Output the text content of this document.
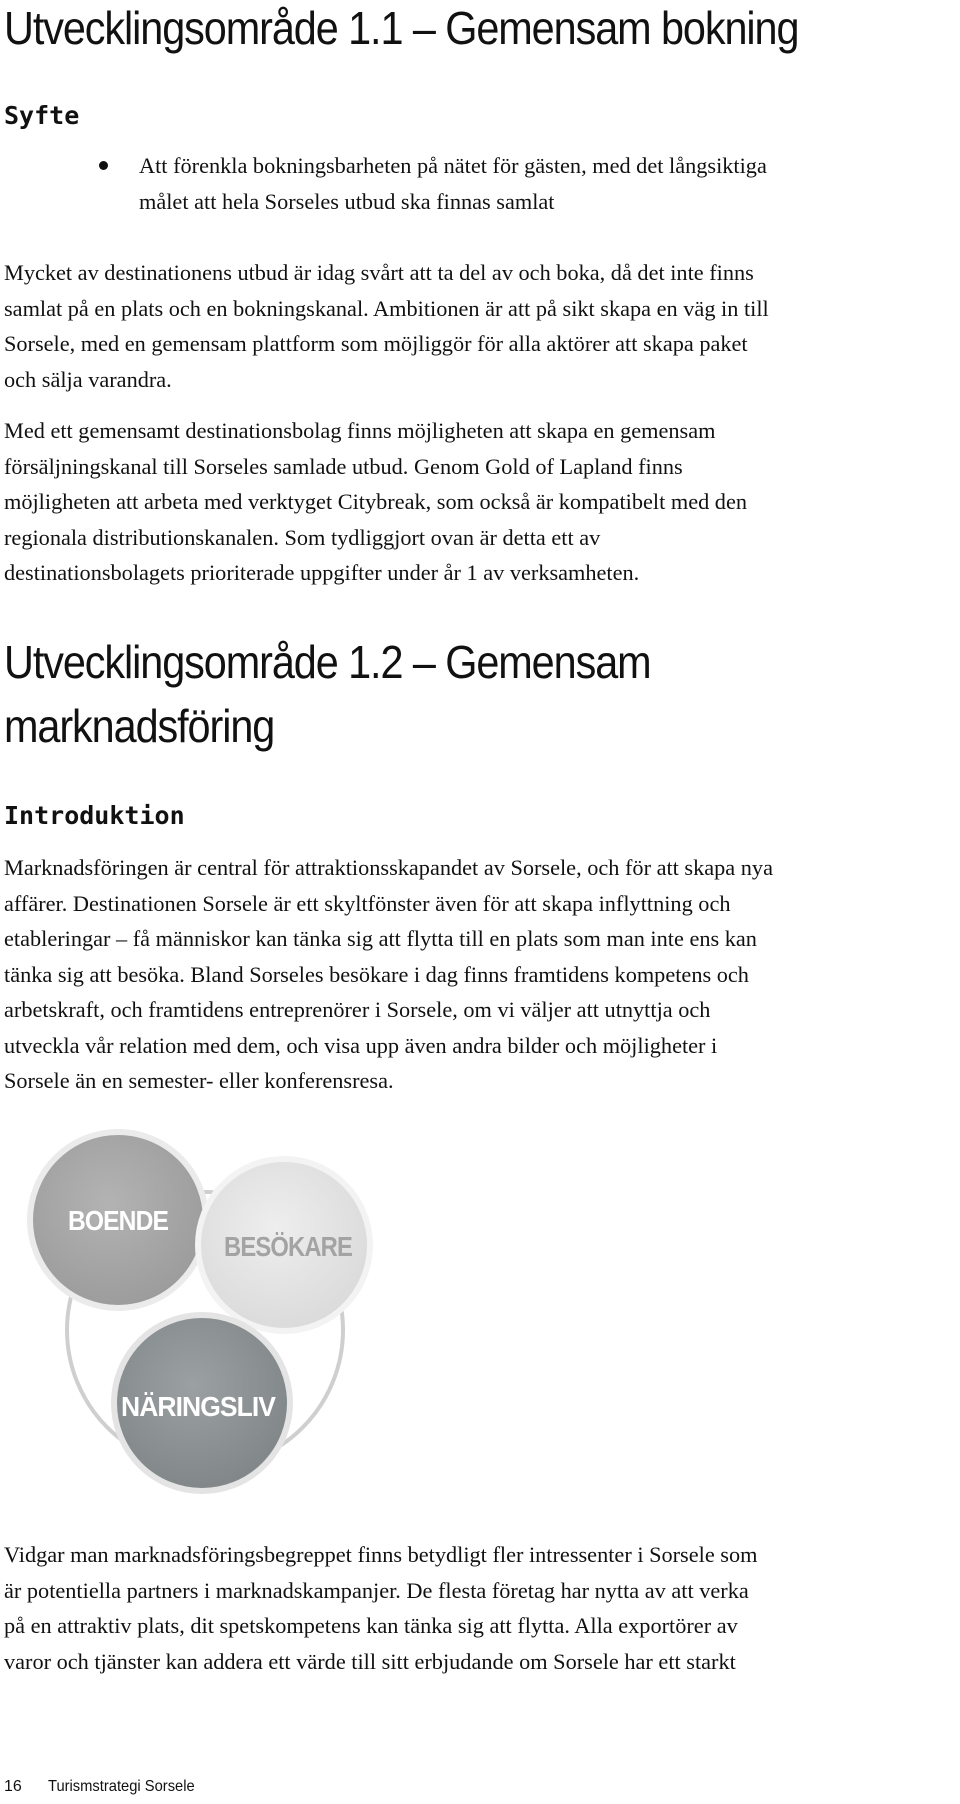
Utvecklingsområde 1.1 – Gemensam bokning
Syfte
Att förenkla bokningsbarheten på nätet för gästen, med det långsiktiga
målet att hela Sorseles utbud ska finnas samlat

Mycket av destinationens utbud är idag svårt att ta del av och boka, då det inte finns
samlat på en plats och en bokningskanal. Ambitionen är att på sikt skapa en väg in till
Sorsele, med en gemensam plattform som möjliggör för alla aktörer att skapa paket
och sälja varandra.

Med ett gemensamt destinationsbolag finns möjligheten att skapa en gemensam
försäljningskanal till Sorseles samlade utbud. Genom Gold of Lapland finns
möjligheten att arbeta med verktyget Citybreak, som också är kompatibelt med den
regionala distributionskanalen. Som tydliggjort ovan är detta ett av
destinationsbolagets prioriterade uppgifter under år 1 av verksamheten.

Utvecklingsområde 1.2 – Gemensam
marknadsföring
Introduktion

Marknadsföringen är central för attraktionsskapandet av Sorsele, och för att skapa nya
affärer. Destinationen Sorsele är ett skyltfönster även för att skapa inflyttning och
etableringar – få människor kan tänka sig att flytta till en plats som man inte ens kan
tänka sig att besöka. Bland Sorseles besökare i dag finns framtidens kompetens och
arbetskraft, och framtidens entreprenörer i Sorsele, om vi väljer att utnyttja och
utveckla vår relation med dem, och visa upp även andra bilder och möjligheter i
Sorsele än en semester- eller konferensresa.

BOENDE
BESÖKARE
NÄRINGSLIV

Vidgar man marknadsföringsbegreppet finns betydligt fler intressenter i Sorsele som
är potentiella partners i marknadskampanjer. De flesta företag har nytta av att verka
på en attraktiv plats, dit spetskompetens kan tänka sig att flytta. Alla exportörer av
varor och tjänster kan addera ett värde till sitt erbjudande om Sorsele har ett starkt

16 Turismstrategi Sorsele
